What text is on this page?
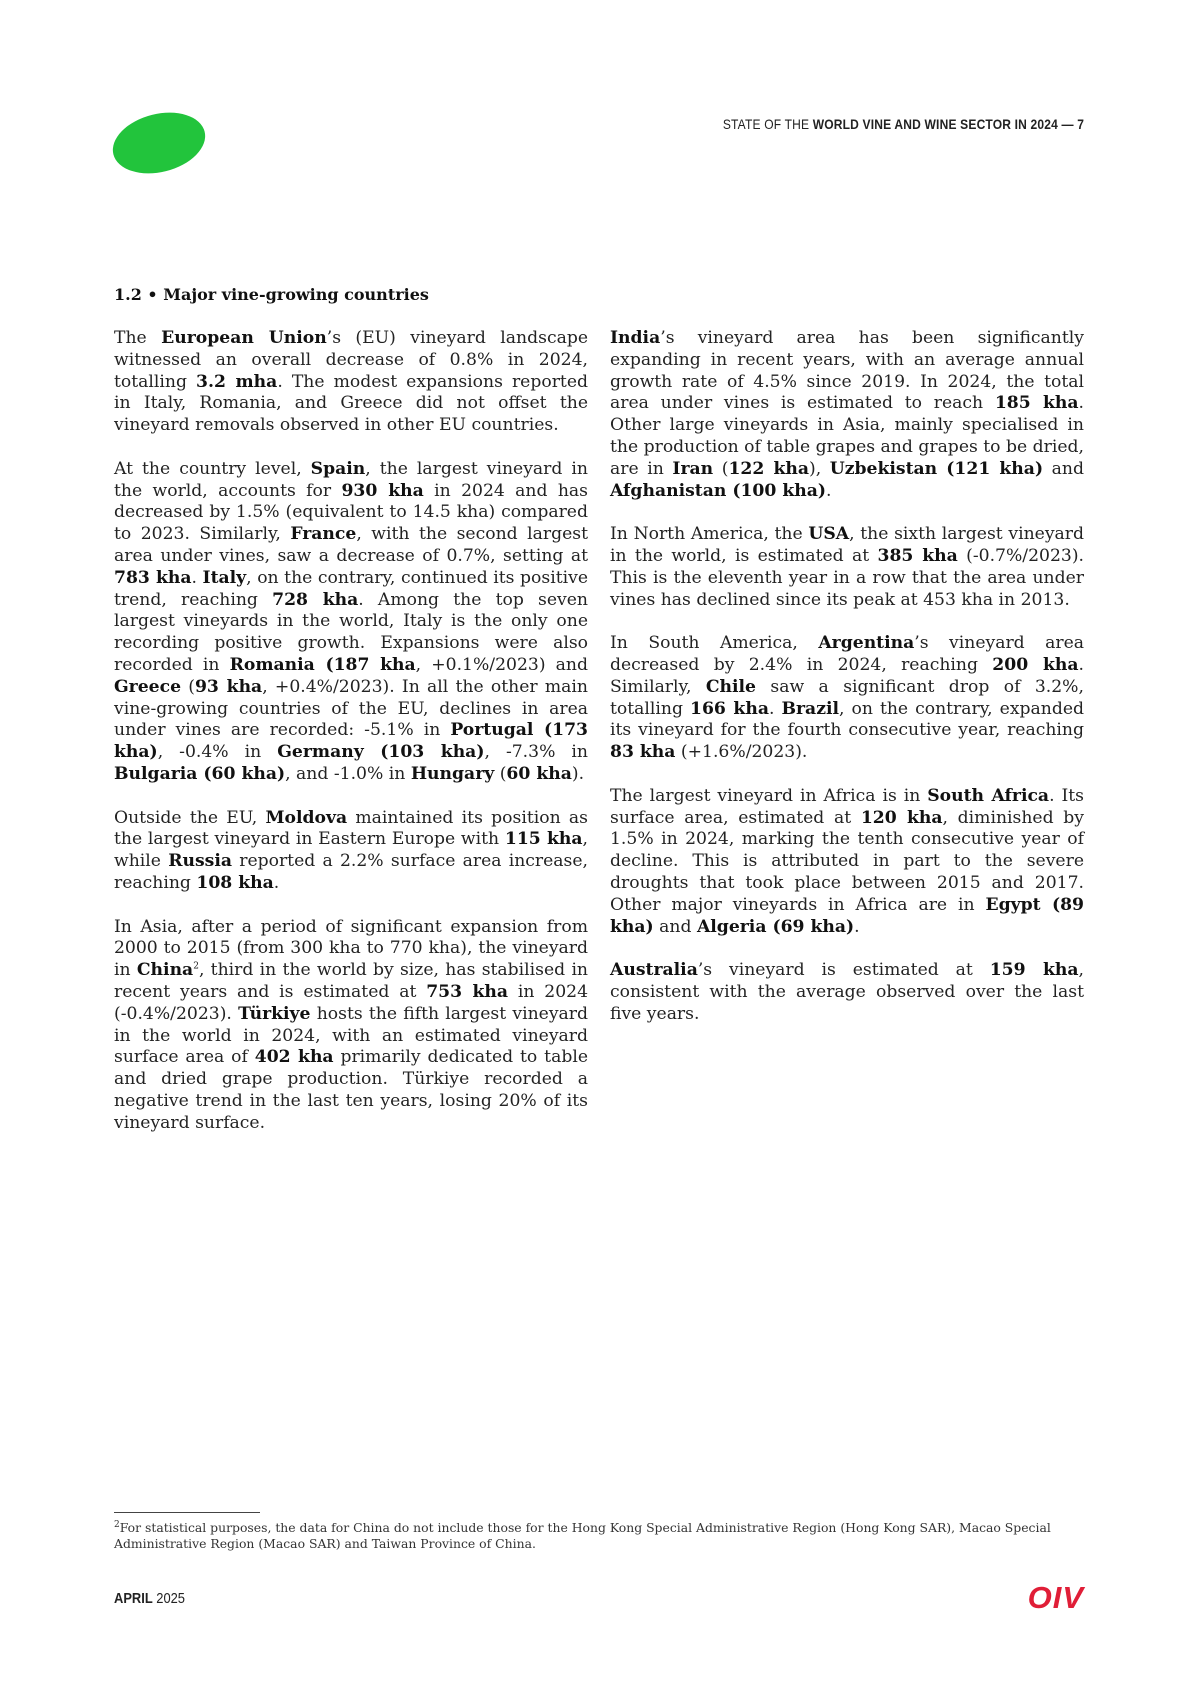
STATE OF THE WORLD VINE AND WINE SECTOR IN 2024 — 7
1.2 • Major vine-growing countries

The European Union’s (EU) vineyard landscape witnessed an overall decrease of 0.8% in 2024, totalling 3.2 mha. The modest expansions reported in Italy, Romania, and Greece did not offset the vineyard removals observed in other EU countries.

At the country level, Spain, the largest vineyard in the world, accounts for 930 kha in 2024 and has decreased by 1.5% (equivalent to 14.5 kha) compared to 2023. Similarly, France, with the second largest area under vines, saw a decrease of 0.7%, setting at 783 kha. Italy, on the contrary, continued its positive trend, reaching 728 kha. Among the top seven largest vineyards in the world, Italy is the only one recording positive growth. Expansions were also recorded in Romania (187 kha, +0.1%/2023) and Greece (93 kha, +0.4%/2023). In all the other main vine-growing countries of the EU, declines in area under vines are recorded: -5.1% in Portugal (173 kha), -0.4% in Germany (103 kha), -7.3% in Bulgaria (60 kha), and -1.0% in Hungary (60 kha).

Outside the EU, Moldova maintained its position as the largest vineyard in Eastern Europe with 115 kha, while Russia reported a 2.2% surface area increase, reaching 108 kha.

In Asia, after a period of significant expansion from 2000 to 2015 (from 300 kha to 770 kha), the vineyard in China$^2$, third in the world by size, has stabilised in recent years and is estimated at 753 kha in 2024 (-0.4%/2023). Türkiye hosts the fifth largest vineyard in the world in 2024, with an estimated vineyard surface area of 402 kha primarily dedicated to table and dried grape production. Türkiye recorded a negative trend in the last ten years, losing 20% of its vineyard surface.

India’s vineyard area has been significantly expanding in recent years, with an average annual growth rate of 4.5% since 2019. In 2024, the total area under vines is estimated to reach 185 kha. Other large vineyards in Asia, mainly specialised in the production of table grapes and grapes to be dried, are in Iran (122 kha), Uzbekistan (121 kha) and Afghanistan (100 kha).

In North America, the USA, the sixth largest vineyard in the world, is estimated at 385 kha (-0.7%/2023). This is the eleventh year in a row that the area under vines has declined since its peak at 453 kha in 2013.

In South America, Argentina’s vineyard area decreased by 2.4% in 2024, reaching 200 kha. Similarly, Chile saw a significant drop of 3.2%, totalling 166 kha. Brazil, on the contrary, expanded its vineyard for the fourth consecutive year, reaching 83 kha (+1.6%/2023).

The largest vineyard in Africa is in South Africa. Its surface area, estimated at 120 kha, diminished by 1.5% in 2024, marking the tenth consecutive year of decline. This is attributed in part to the severe droughts that took place between 2015 and 2017. Other major vineyards in Africa are in Egypt (89 kha) and Algeria (69 kha).

Australia’s vineyard is estimated at 159 kha, consistent with the average observed over the last five years.

$^2$For statistical purposes, the data for China do not include those for the Hong Kong Special Administrative Region (Hong Kong SAR), Macao Special Administrative Region (Macao SAR) and Taiwan Province of China.
APRIL 2025	OIV
